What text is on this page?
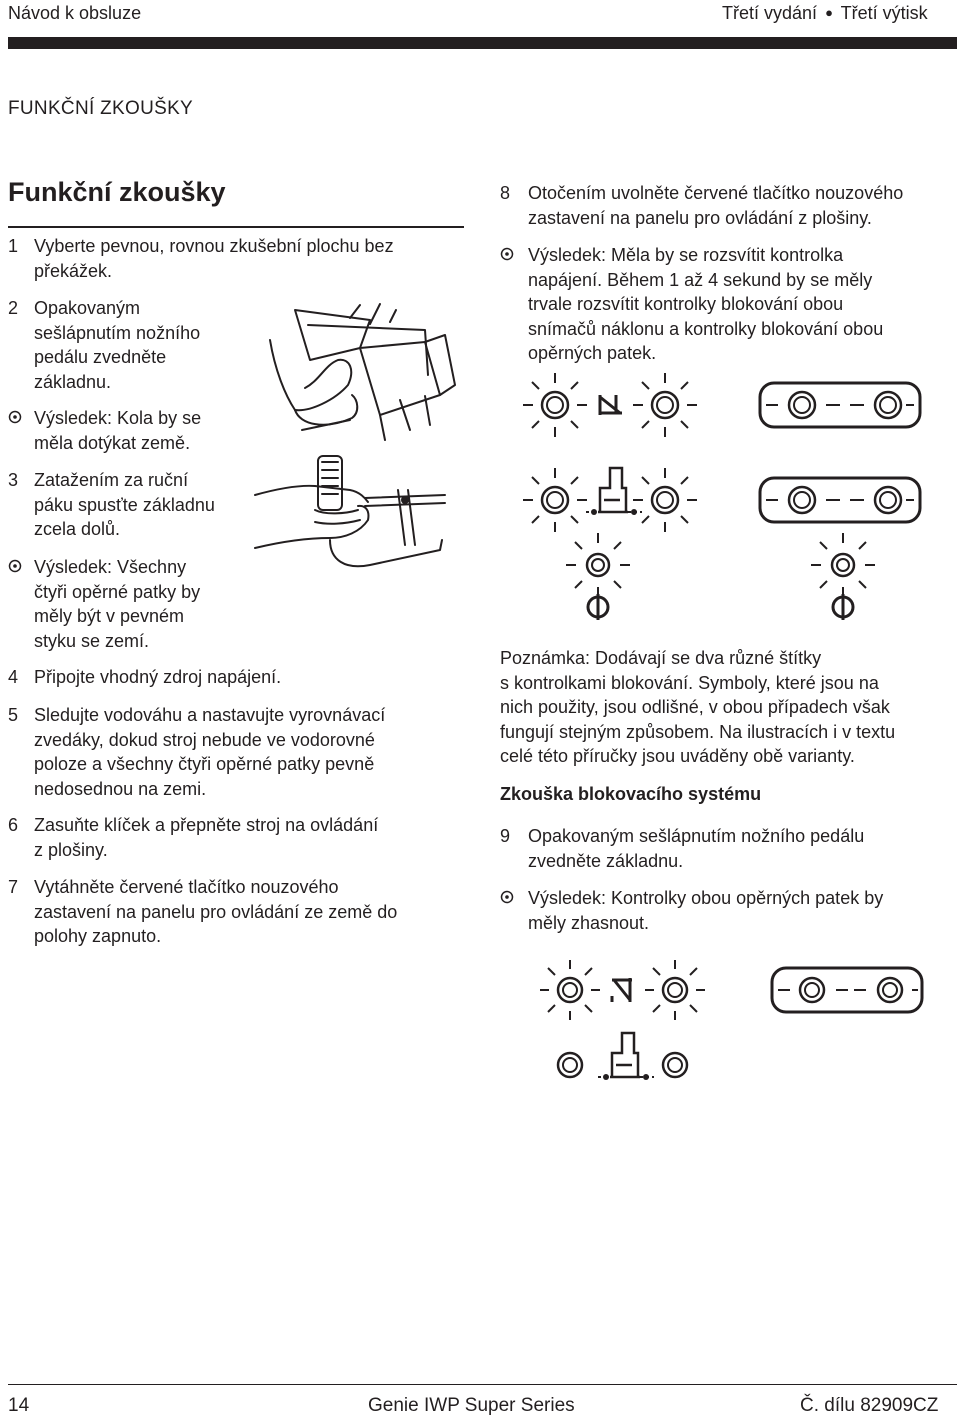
Návod k obsluze	Třetí vydání ● Třetí výtisk
FUNKČNÍ ZKOUŠKY
Funkční zkoušky
1 Vyberte pevnou, rovnou zkušební plochu bez
překážek.
2 Opakovaným
sešlápnutím nožního
pedálu zvedněte
základnu.
Výsledek: Kola by se
měla dotýkat země.
3 Zatažením za ruční
páku spusťte základnu
zcela dolů.
Výsledek: Všechny
čtyři opěrné patky by
měly být v pevném
styku se zemí.
4 Připojte vhodný zdroj napájení.
5 Sledujte vodováhu a nastavujte vyrovnávací
zvedáky, dokud stroj nebude ve vodorovné
poloze a všechny čtyři opěrné patky pevně
nedosednou na zemi.
6 Zasuňte klíček a přepněte stroj na ovládání
z plošiny.
7 Vytáhněte červené tlačítko nouzového
zastavení na panelu pro ovládání ze země do
polohy zapnuto.
8 Otočením uvolněte červené tlačítko nouzového
zastavení na panelu pro ovládání z plošiny.
Výsledek: Měla by se rozsvítit kontrolka
napájení. Během 1 až 4 sekund by se měly
trvale rozsvítit kontrolky blokování obou
snímačů náklonu a kontrolky blokování obou
opěrných patek.
Poznámka: Dodávají se dva různé štítky
s kontrolkami blokování. Symboly, které jsou na
nich použity, jsou odlišné, v obou případech však
fungují stejným způsobem. Na ilustracích i v textu
celé této příručky jsou uváděny obě varianty.
Zkouška blokovacího systému
9 Opakovaným sešlápnutím nožního pedálu
zvedněte základnu.
Výsledek: Kontrolky obou opěrných patek by
měly zhasnout.
14	Genie IWP Super Series	Č. dílu 82909CZ
